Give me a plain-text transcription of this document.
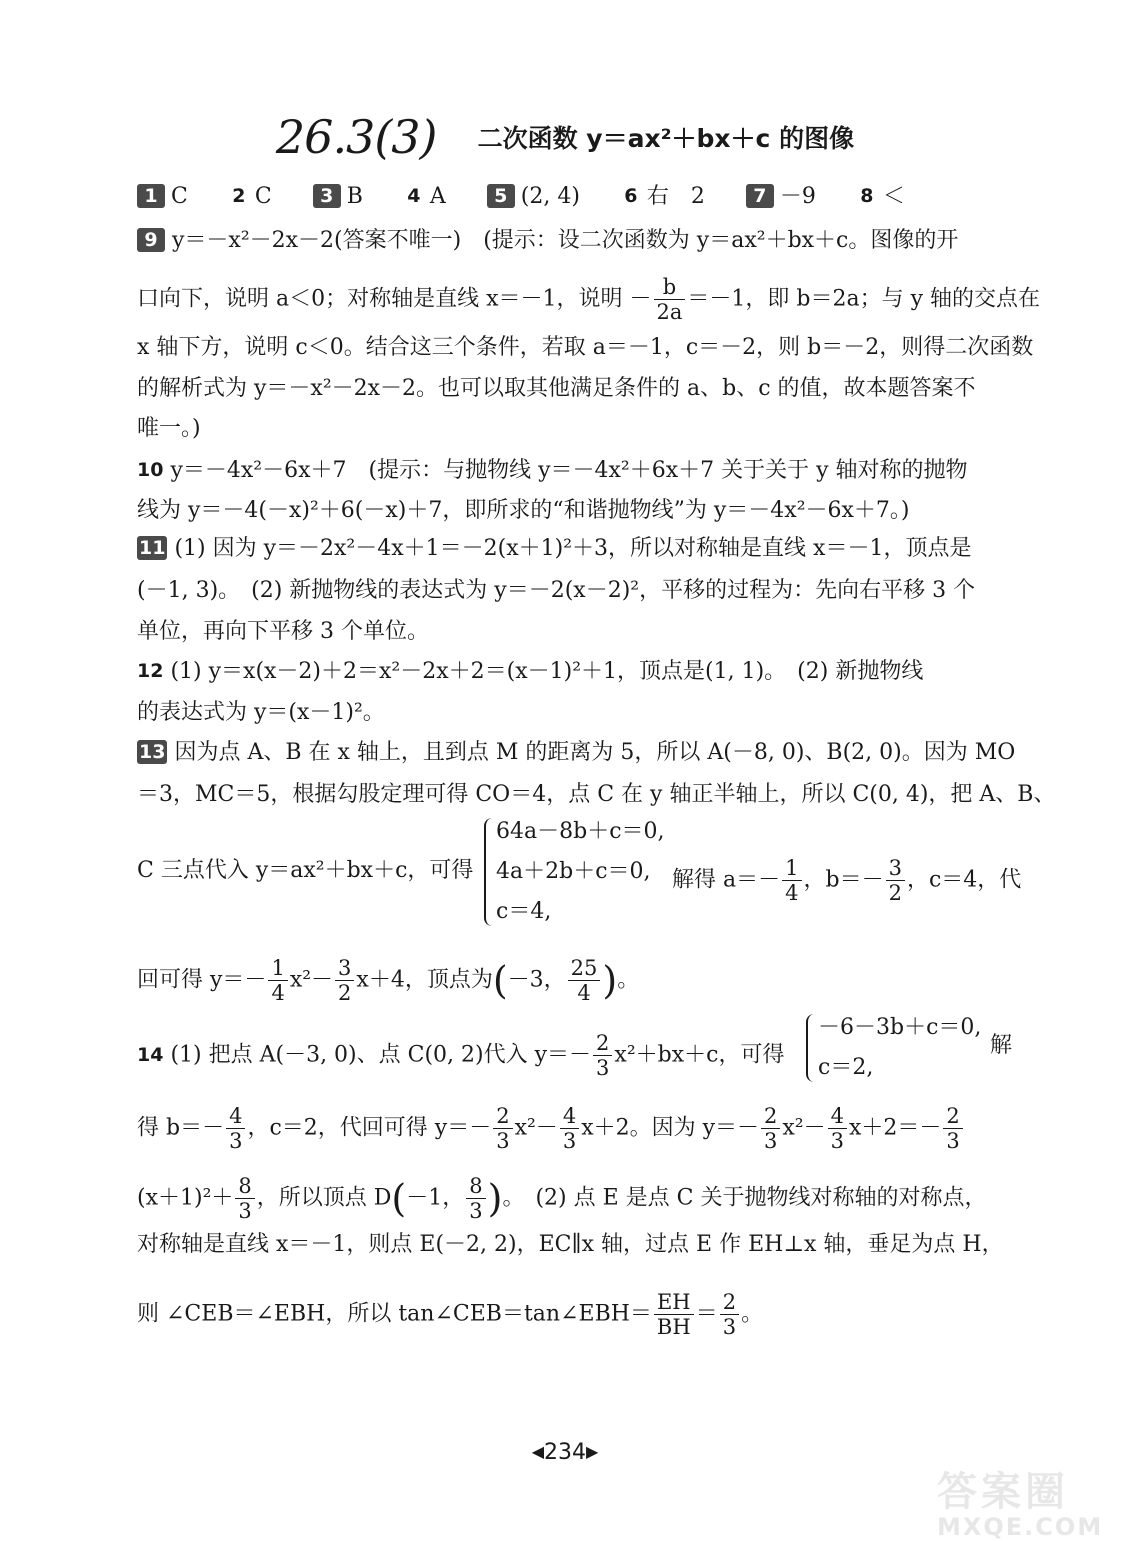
26.3(3) 二次函数 y＝ax²＋bx＋c 的图像
1 C 2 C	3 B 4 A	5 (2, 4) 6 右　2	7 －9 8 ＜
9 y＝－x²－2x－2(答案不唯一)　(提示：设二次函数为 y＝ax²＋bx＋c。图像的开
口向下，说明 a＜0；对称轴是直线 x＝－1，说明 － $\frac{b}{2a} =-1$，即 b＝2a；与 y 轴的交点在
x 轴下方，说明 c＜0。结合这三个条件，若取 a＝－1，c＝－2，则 b＝－2，则得二次函数
的解析式为 y＝－x²－2x－2。也可以取其他满足条件的 a、b、c 的值，故本题答案不
唯一。)
10 y＝－4x²－6x＋7　(提示：与抛物线 y＝－4x²＋6x＋7 关于关于 y 轴对称的抛物
线为 y＝－4(－x)²＋6(－x)＋7，即所求的“和谐抛物线”为 y＝－4x²－6x＋7。)
11 (1) 因为 y＝－2x²－4x＋1＝－2(x＋1)²＋3，所以对称轴是直线 x＝－1，顶点是
(－1, 3)。　(2) 新抛物线的表达式为 y＝－2(x－2)²，平移的过程为：先向右平移 3 个
单位，再向下平移 3 个单位。
12 (1) y＝x(x－2)＋2＝x²－2x＋2＝(x－1)²＋1，顶点是(1, 1)。　(2) 新抛物线
的表达式为 y＝(x－1)²。
13 因为点 A、B 在 x 轴上，且到点 M 的距离为 5，所以 A(－8, 0)、B(2, 0)。因为 MO
＝3，MC＝5，根据勾股定理可得 CO＝4，点 C 在 y 轴正半轴上，所以 C(0, 4)，把 A、B、
C 三点代入 y＝ax²＋bx＋c，可得
64a－8b＋c＝0,
4a＋2b＋c＝0,
c＝4,
解得 $a=- \frac{1}{4}$ ，$b=- \frac{3}{2}$ ，c＝4，代
回可得 $y=- \frac{1}{4} x^2- \frac{3}{2} x+4$，顶点为(－3， $\frac{25}{4}$ )。
14 (1) 把点 A(－3, 0)、点 C(0, 2)代入 $y=- \frac{2}{3} x^2+bx+c$，可得
－6－3b＋c＝0,
c＝2,
解
得 $b=- \frac{4}{3}$ ，c＝2，代回可得 $y=- \frac{2}{3} x^2- \frac{4}{3} x+2$。因为 $y=- \frac{2}{3} x^2- \frac{4}{3} x+2=- \frac{2}{3}$
$(x+1)^2+ \frac{8}{3}$ ，所以顶点 D(－1， $\frac{8}{3}$ )。　(2) 点 E 是点 C 关于抛物线对称轴的对称点，
对称轴是直线 x＝－1，则点 E(－2, 2)，EC∥x 轴，过点 E 作 EH⊥x 轴，垂足为点 H，
则 ∠CEB＝∠EBH，所以 tan∠CEB＝tan∠EBH＝ $\frac{EH}{BH} = \frac{2}{3}$ 。
◀234▶
答案圈
MXQE.COM
